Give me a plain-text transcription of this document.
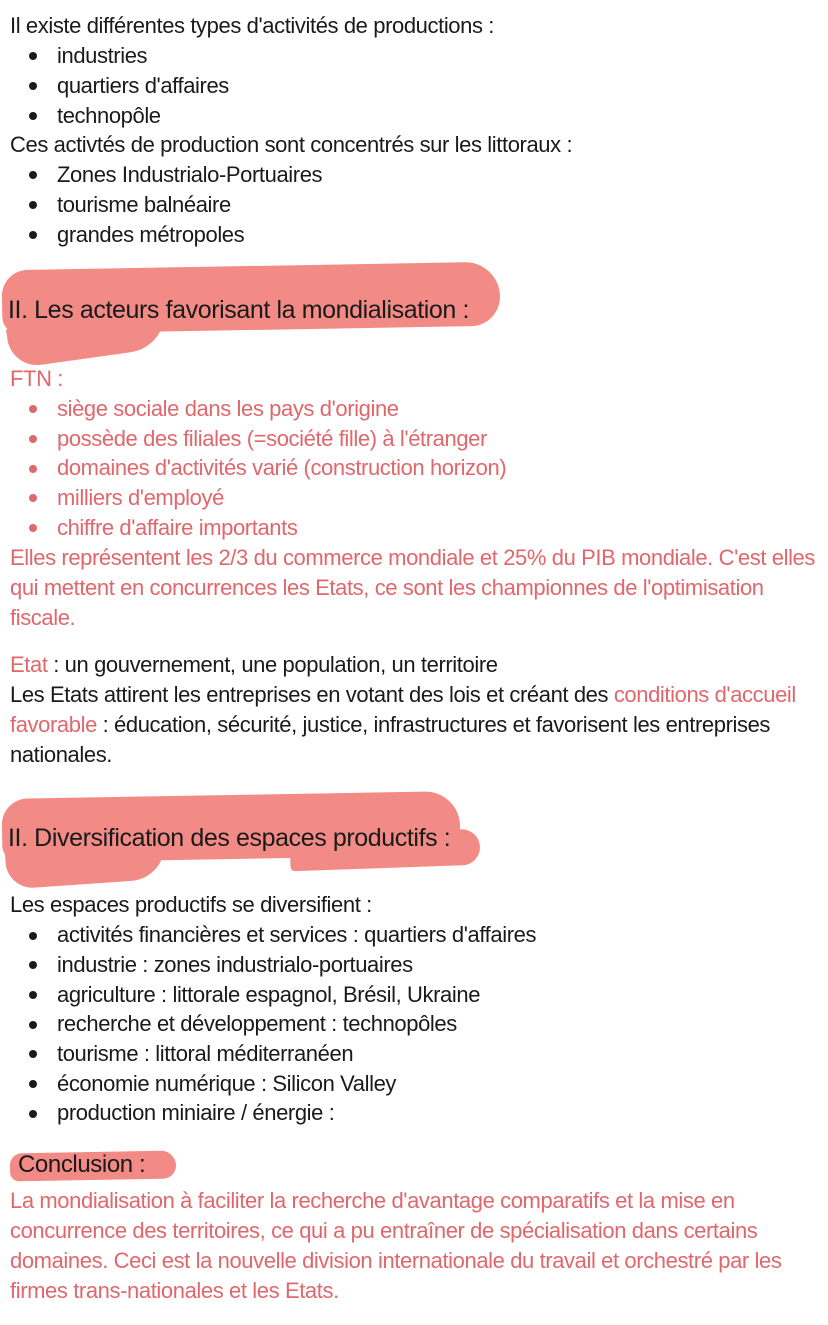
Il existe différentes types d'activités de productions :
industries
quartiers d'affaires
technopôle
Ces activtés de production sont concentrés sur les littoraux :
Zones Industrialo-Portuaires
tourisme balnéaire
grandes métropoles
II. Les acteurs favorisant la mondialisation :
FTN :
siège sociale dans les pays d'origine
possède des filiales (=société fille) à l'étranger
domaines d'activités varié (construction horizon)
milliers d'employé
chiffre d'affaire importants
Elles représentent les 2/3 du commerce mondiale et 25% du PIB mondiale. C'est elles
qui mettent en concurrences les Etats, ce sont les championnes de l'optimisation
fiscale.
Etat : un gouvernement, une population, un territoire
Les Etats attirent les entreprises en votant des lois et créant des conditions d'accueil
favorable : éducation, sécurité, justice, infrastructures et favorisent les entreprises
nationales.
II. Diversification des espaces productifs :
Les espaces productifs se diversifient :
activités financières et services : quartiers d'affaires
industrie : zones industrialo-portuaires
agriculture : littorale espagnol, Brésil, Ukraine
recherche et développement : technopôles
tourisme : littoral méditerranéen
économie numérique : Silicon Valley
production miniaire / énergie :
Conclusion :
La mondialisation à faciliter la recherche d'avantage comparatifs et la mise en
concurrence des territoires, ce qui a pu entraîner de spécialisation dans certains
domaines. Ceci est la nouvelle division internationale du travail et orchestré par les
firmes trans-nationales et les Etats.
